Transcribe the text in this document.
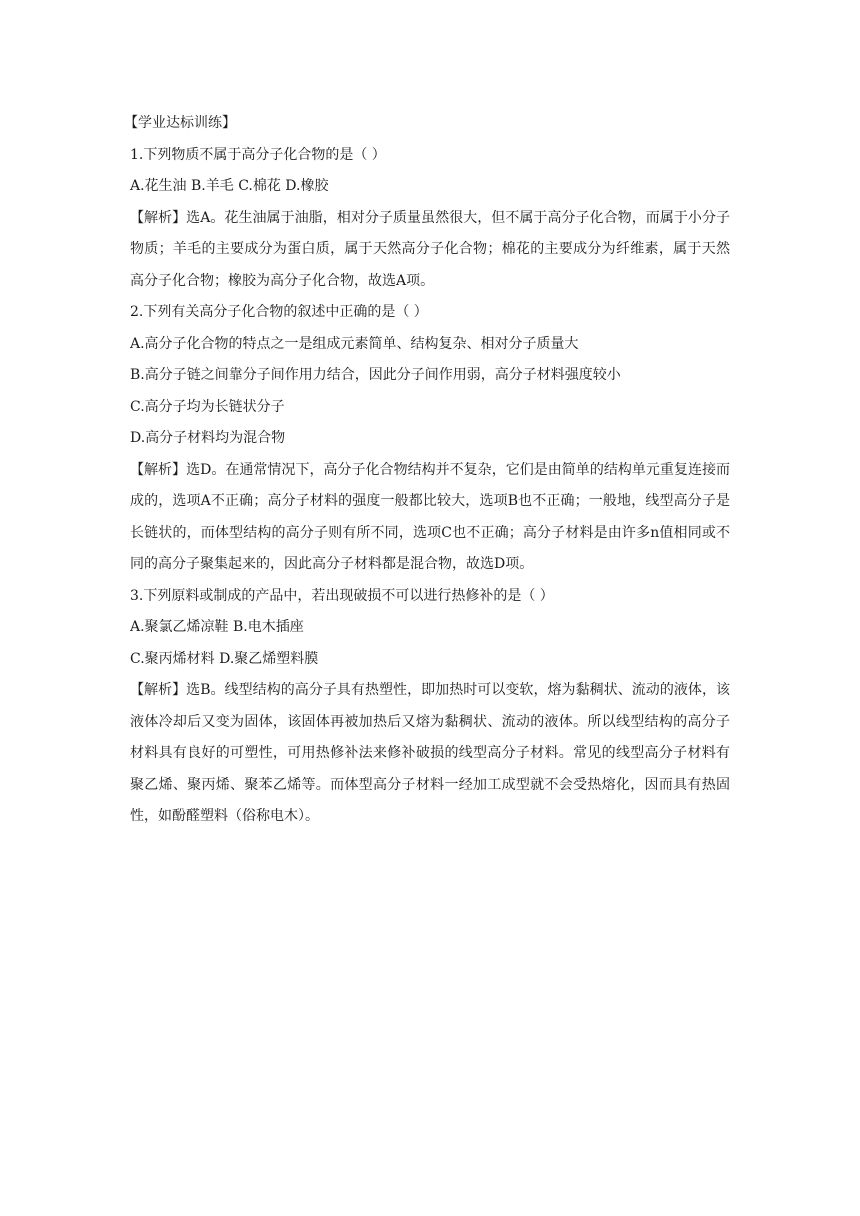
【学业达标训练】
1.下列物质不属于高分子化合物的是（ ）
A.花生油 B.羊毛 C.棉花 D.橡胶
【解析】选A。花生油属于油脂，相对分子质量虽然很大，但不属于高分子化合物，而属于小分子物质；羊毛的主要成分为蛋白质，属于天然高分子化合物；棉花的主要成分为纤维素，属于天然高分子化合物；橡胶为高分子化合物，故选A项。
2.下列有关高分子化合物的叙述中正确的是（ ）
A.高分子化合物的特点之一是组成元素简单、结构复杂、相对分子质量大
B.高分子链之间靠分子间作用力结合，因此分子间作用弱，高分子材料强度较小
C.高分子均为长链状分子
D.高分子材料均为混合物
【解析】选D。在通常情况下，高分子化合物结构并不复杂，它们是由简单的结构单元重复连接而成的，选项A不正确；高分子材料的强度一般都比较大，选项B也不正确；一般地，线型高分子是长链状的，而体型结构的高分子则有所不同，选项C也不正确；高分子材料是由许多n值相同或不同的高分子聚集起来的，因此高分子材料都是混合物，故选D项。
3.下列原料或制成的产品中，若出现破损不可以进行热修补的是（ ）
A.聚氯乙烯凉鞋 B.电木插座
C.聚丙烯材料 D.聚乙烯塑料膜
【解析】选B。线型结构的高分子具有热塑性，即加热时可以变软，熔为黏稠状、流动的液体，该液体冷却后又变为固体，该固体再被加热后又熔为黏稠状、流动的液体。所以线型结构的高分子材料具有良好的可塑性，可用热修补法来修补破损的线型高分子材料。常见的线型高分子材料有聚乙烯、聚丙烯、聚苯乙烯等。而体型高分子材料一经加工成型就不会受热熔化，因而具有热固性，如酚醛塑料（俗称电木）。
